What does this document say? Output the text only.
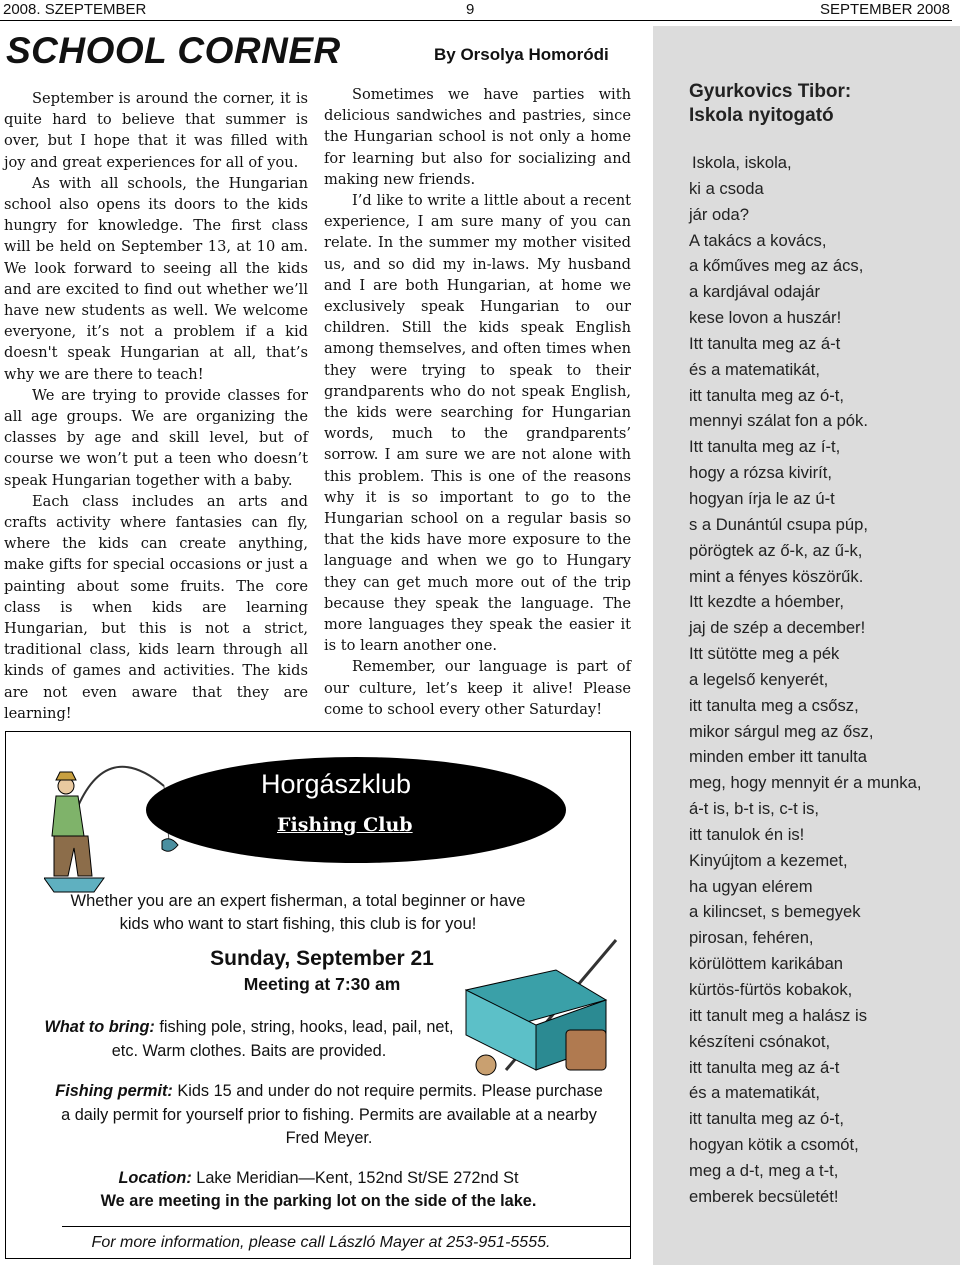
2008. SZEPTEMBER	9	SEPTEMBER 2008
SCHOOL CORNER	By Orsolya Homoródi

September is around the corner, it is quite hard to believe that summer is over, but I hope that it was filled with joy and great experiences for all of you.

As with all schools, the Hungarian school also opens its doors to the kids hungry for knowledge. The first class will be held on September 13, at 10 am. We look forward to seeing all the kids and are excited to find out whether we’ll have new students as well. We welcome everyone, it’s not a problem if a kid doesn't speak Hungarian at all, that’s why we are there to teach!

We are trying to provide classes for all age groups. We are organizing the classes by age and skill level, but of course we won’t put a teen who doesn’t speak Hungarian together with a baby.

Each class includes an arts and crafts activity where fantasies can fly, where the kids can create anything, make gifts for special occasions or just a painting about some fruits. The core class is when kids are learning Hungarian, but this is not a strict, traditional class, kids learn through all kinds of games and activities. The kids are not even aware that they are learning!

Sometimes we have parties with delicious sandwiches and pastries, since the Hungarian school is not only a home for learning but also for socializing and making new friends.

I’d like to write a little about a recent experience, I am sure many of you can relate. In the summer my mother visited us, and so did my in-laws. My husband and I are both Hungarian, at home we exclusively speak Hungarian to our children. Still the kids speak English among themselves, and often times when they were trying to speak to their grandparents who do not speak English, the kids were searching for Hungarian words, much to the grandparents’ sorrow. I am sure we are not alone with this problem. This is one of the reasons why it is so important to go to the Hungarian school on a regular basis so that the kids have more exposure to the language and when we go to Hungary they can get much more out of the trip because they speak the language. The more languages they speak the easier it is to learn another one.

Remember, our language is part of our culture, let’s keep it alive! Please come to school every other Saturday!

Gyurkovics Tibor:
Iskola nyitogató
Iskola, iskola,
ki a csoda
jár oda?
A takács a kovács,
a kőműves meg az ács,
a kardjával odajár
kese lovon a huszár!
Itt tanulta meg az á-t
és a matematikát,
itt tanulta meg az ó-t,
mennyi szálat fon a pók.
Itt tanulta meg az í-t,
hogy a rózsa kivirít,
hogyan írja le az ú-t
s a Dunántúl csupa púp,
pörögtek az ő-k, az ű-k,
mint a fényes köszörűk.
Itt kezdte a hóember,
jaj de szép a december!
Itt sütötte meg a pék
a legelső kenyerét,
itt tanulta meg a csősz,
mikor sárgul meg az ősz,
minden ember itt tanulta
meg, hogy mennyit ér a munka,
á-t is, b-t is, c-t is,
itt tanulok én is!
Kinyújtom a kezemet,
ha ugyan elérem
a kilincset, s bemegyek
pirosan, fehéren,
körülöttem karikában
kürtös-fürtös kobakok,
itt tanult meg a halász is
készíteni csónakot,
itt tanulta meg az á-t
és a matematikát,
itt tanulta meg az ó-t,
hogyan kötik a csomót,
meg a d-t, meg a t-t,
emberek becsületét!
Horgászklub
Fishing Club
Whether you are an expert fisherman, a total beginner or have kids who want to start fishing, this club is for you!
Sunday, September 21
Meeting at 7:30 am
What to bring: fishing pole, string, hooks, lead, pail, net, etc. Warm clothes. Baits are provided.
Fishing permit: Kids 15 and under do not require permits. Please purchase a daily permit for yourself prior to fishing. Permits are available at a nearby Fred Meyer.
Location: Lake Meridian—Kent, 152nd St/SE 272nd St
We are meeting in the parking lot on the side of the lake.
For more information, please call László Mayer at 253-951-5555.
